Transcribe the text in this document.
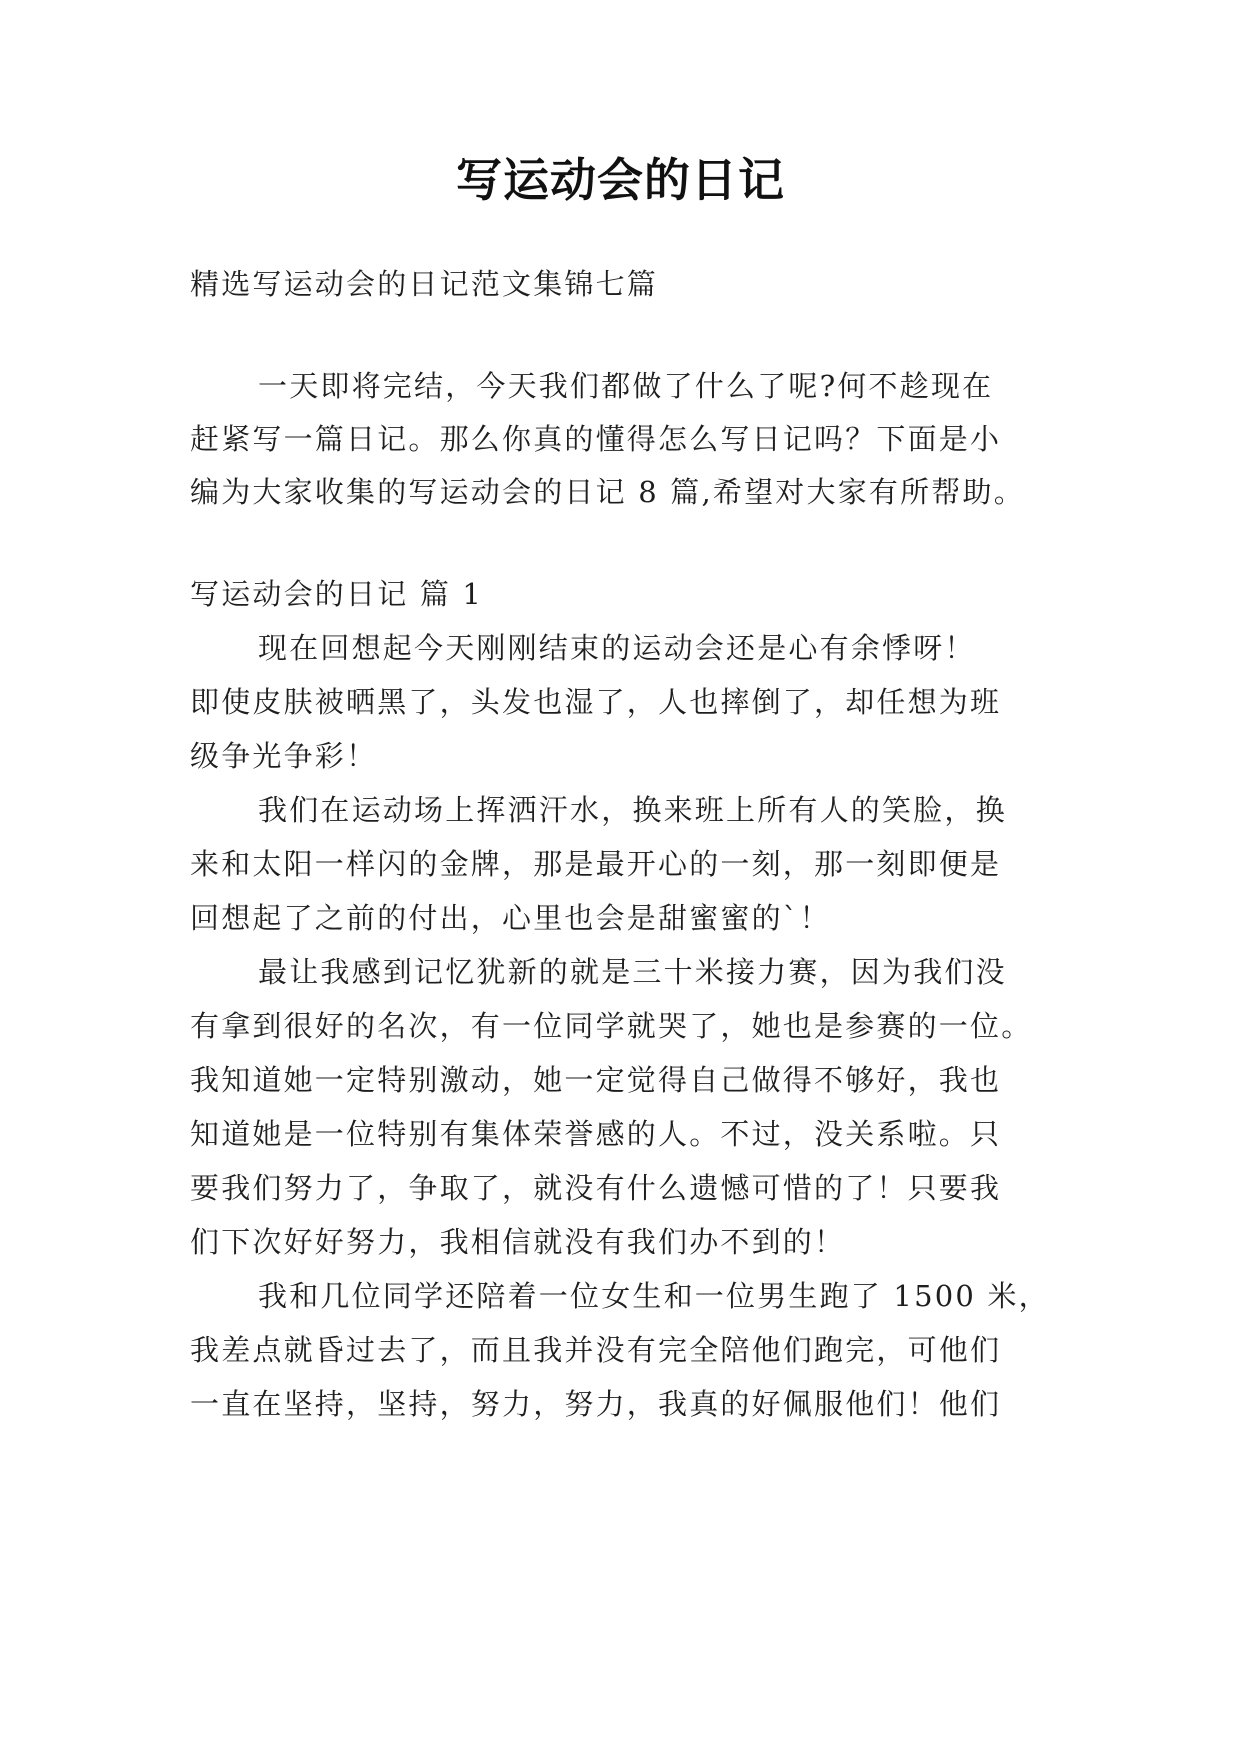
写运动会的日记
精选写运动会的日记范文集锦七篇
一天即将完结，今天我们都做了什么了呢?何不趁现在
赶紧写一篇日记。那么你真的懂得怎么写日记吗？下面是小
编为大家收集的写运动会的日记 8 篇,希望对大家有所帮助。
写运动会的日记 篇 1
现在回想起今天刚刚结束的运动会还是心有余悸呀！
即使皮肤被晒黑了，头发也湿了，人也摔倒了，却任想为班
级争光争彩！
我们在运动场上挥洒汗水，换来班上所有人的笑脸，换
来和太阳一样闪的金牌，那是最开心的一刻，那一刻即便是
回想起了之前的付出，心里也会是甜蜜蜜的`！
最让我感到记忆犹新的就是三十米接力赛，因为我们没
有拿到很好的名次，有一位同学就哭了，她也是参赛的一位。
我知道她一定特别激动，她一定觉得自己做得不够好，我也
知道她是一位特别有集体荣誉感的人。不过，没关系啦。只
要我们努力了，争取了，就没有什么遗憾可惜的了！只要我
们下次好好努力，我相信就没有我们办不到的！
我和几位同学还陪着一位女生和一位男生跑了 1500 米，
我差点就昏过去了，而且我并没有完全陪他们跑完，可他们
一直在坚持，坚持，努力，努力，我真的好佩服他们！他们
